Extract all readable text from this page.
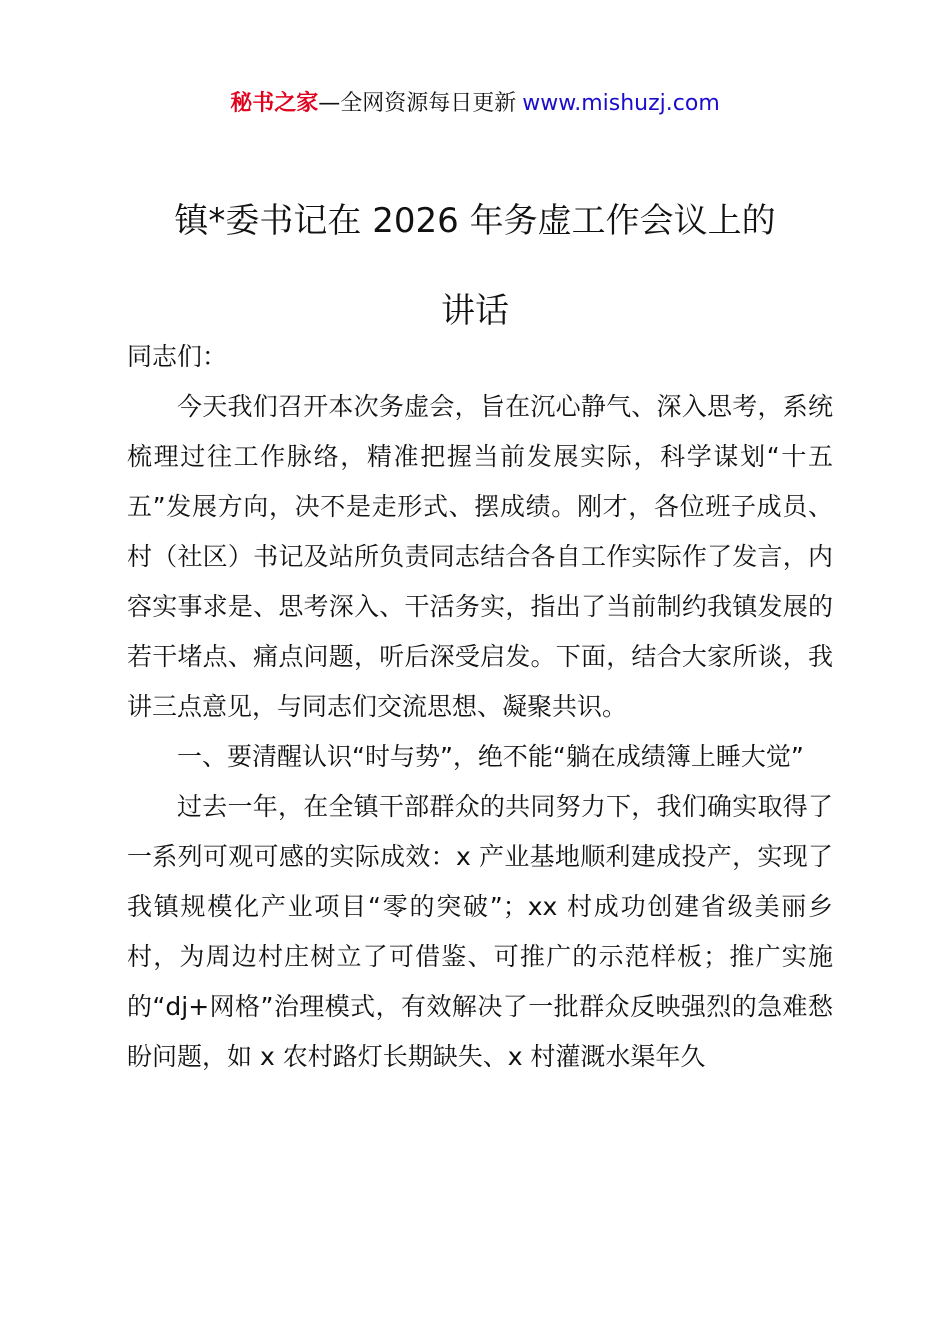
秘书之家—全网资源每日更新 www.mishuzj.com
镇*委书记在 2026 年务虚工作会议上的
讲话

同志们：

今天我们召开本次务虚会，旨在沉心静气、深入思考，系统梳理过往工作脉络，精准把握当前发展实际，科学谋划“十五五”发展方向，决不是走形式、摆成绩。刚才，各位班子成员、村（社区）书记及站所负责同志结合各自工作实际作了发言，内容实事求是、思考深入、干活务实，指出了当前制约我镇发展的若干堵点、痛点问题，听后深受启发。下面，结合大家所谈，我讲三点意见，与同志们交流思想、凝聚共识。

一、要清醒认识“时与势”，绝不能“躺在成绩簿上睡大觉”

过去一年，在全镇干部群众的共同努力下，我们确实取得了一系列可观可感的实际成效：x 产业基地顺利建成投产，实现了我镇规模化产业项目“零的突破”；xx 村成功创建省级美丽乡村，为周边村庄树立了可借鉴、可推广的示范样板；推广实施的“dj+网格”治理模式，有效解决了一批群众反映强烈的急难愁盼问题，如 x 农村路灯长期缺失、x 村灌溉水渠年久
